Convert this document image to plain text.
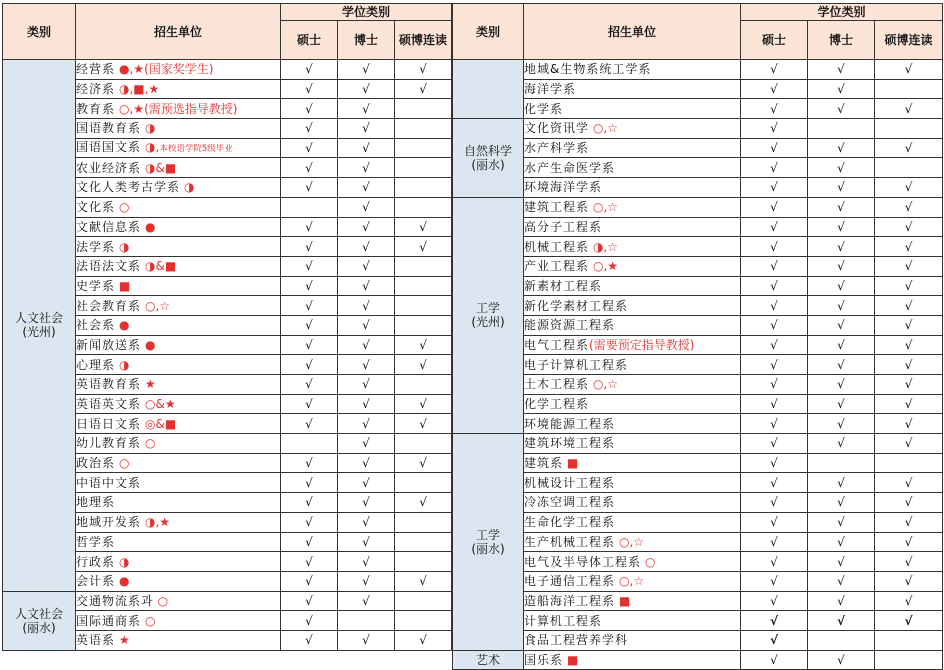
类别	招生单位	学位类别		
		硕士	博士	硕博连读
人文社会
(光州)	经营系 ●,★(国家奖学生)	√	√	√
	经济系 ◑,■,★	√	√	√
	教育系 ○,★(需预选指导教授)	√	√	
	国语教育系 ◑	√	√	
	国语国文系 ◑,本校语学院5级毕业	√	√	
	农业经济系 ◑&■	√	√	
	文化人类考古学系 ◑	√	√	
	文化系 ○		√	
	文献信息系 ●	√	√	√
	法学系 ◑	√	√	√
	法语法文系 ◑&■	√	√	
	史学系 ■	√	√	
	社会教育系 ○,☆	√	√	
	社会系 ●	√	√	
	新闻放送系 ●	√	√	√
	心理系 ◑	√	√	√
	英语教育系 ★	√	√	
	英语英文系 ○&★	√	√	√
	日语日文系 ◎&■	√	√	√
	幼儿教育系 ○		√	
	政治系 ○	√	√	√
	中语中文系	√	√	
	地理系	√	√	√
	地域开发系 ◑,★	√	√	
	哲学系	√	√	
	行政系 ◑	√	√	
	会计系 ●	√	√	√
人文社会
(丽水)	交通物流系과 ○	√	√	
	国际通商系 ○	√		
	英语系 ★	√	√	√
类别	招生单位	学位类别		
		硕士	博士	硕博连读
	地域&生物系统工学系	√	√	√
	海洋学系	√	√	
	化学系	√	√	√
自然科学
(丽水)	文化资讯学 ○,☆	√		
	水产科学系	√	√	√
	水产生命医学系	√	√	
	环境海洋学系	√	√	√
工学
(光州)	建筑工程系 ○,☆	√	√	√
	高分子工程系	√	√	√
	机械工程系 ◑,☆	√	√	√
	产业工程系 ○,★	√	√	√
	新素材工程系	√	√	√
	新化学素材工程系	√	√	√
	能源资源工程系	√	√	√
	电气工程系(需要预定指导教授)	√	√	√
	电子计算机工程系	√	√	√
	土木工程系 ○,☆	√	√	√
	化学工程系	√	√	√
	环境能源工程系	√	√	√
工学
(丽水)	建筑环境工程系	√	√	√
	建筑系 ■	√		
	机械设计工程系	√	√	√
	冷冻空调工程系	√	√	√
	生命化学工程系	√	√	√
	生产机械工程系 ○,☆	√	√	√
	电气及半导体工程系 ○	√	√	√
	电子通信工程系 ○,☆	√	√	√
	造船海洋工程系 ■	√	√	√
	计算机工程系	√	√	√
	食品工程营养学科	√		
艺术	国乐系 ■	√	√	
